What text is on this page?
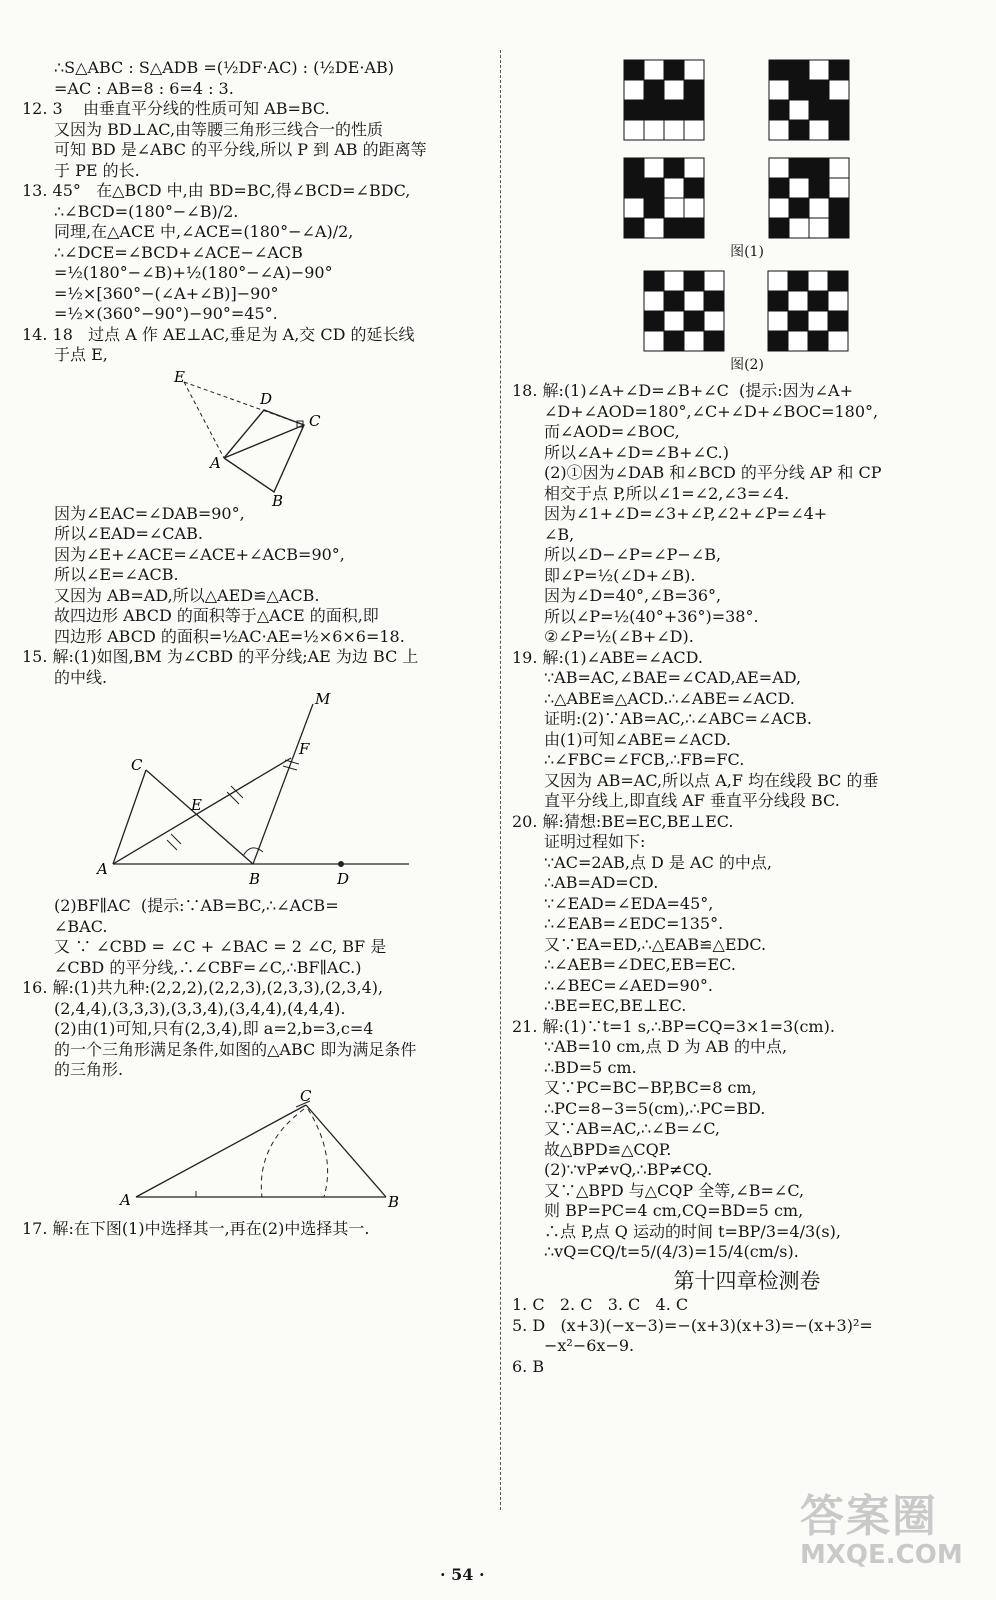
∴S△ABC : S△ADB =(½DF·AC) : (½DE·AB)
=AC : AB=8 : 6=4 : 3.
12. 3    由垂直平分线的性质可知 AB=BC.
又因为 BD⊥AC,由等腰三角形三线合一的性质
可知 BD 是∠ABC 的平分线,所以 P 到 AB 的距离等
于 PE 的长.
13. 45°   在△BCD 中,由 BD=BC,得∠BCD=∠BDC,
∴∠BCD=(180°−∠B)/2.
同理,在△ACE 中,∠ACE=(180°−∠A)/2,
∴∠DCE=∠BCD+∠ACE−∠ACB
=½(180°−∠B)+½(180°−∠A)−90°
=½×[360°−(∠A+∠B)]−90°
=½×(360°−90°)−90°=45°.
14. 18   过点 A 作 AE⊥AC,垂足为 A,交 CD 的延长线
于点 E,
E
D
C
A
B
因为∠EAC=∠DAB=90°,
所以∠EAD=∠CAB.
因为∠E+∠ACE=∠ACE+∠ACB=90°,
所以∠E=∠ACB.
又因为 AB=AD,所以△AED≌△ACB.
故四边形 ABCD 的面积等于△ACE 的面积,即
四边形 ABCD 的面积=½AC·AE=½×6×6=18.
15. 解:(1)如图,BM 为∠CBD 的平分线;AE 为边 BC 上
的中线.
M
F
C
E
A
B	D
(2)BF∥AC  (提示:∵AB=BC,∴∠ACB=
∠BAC.
又 ∵ ∠CBD = ∠C + ∠BAC = 2 ∠C, BF 是
∠CBD 的平分线,∴∠CBF=∠C,∴BF∥AC.)
16. 解:(1)共九种:(2,2,2),(2,2,3),(2,3,3),(2,3,4),
(2,4,4),(3,3,3),(3,3,4),(3,4,4),(4,4,4).
(2)由(1)可知,只有(2,3,4),即 a=2,b=3,c=4
的一个三角形满足条件,如图的△ABC 即为满足条件
的三角形.
C
A	B
17. 解:在下图(1)中选择其一,再在(2)中选择其一.
图(1)
图(2)
18. 解:(1)∠A+∠D=∠B+∠C  (提示:因为∠A+
∠D+∠AOD=180°,∠C+∠D+∠BOC=180°,
而∠AOD=∠BOC,
所以∠A+∠D=∠B+∠C.)
(2)①因为∠DAB 和∠BCD 的平分线 AP 和 CP
相交于点 P,所以∠1=∠2,∠3=∠4.
因为∠1+∠D=∠3+∠P,∠2+∠P=∠4+
∠B,
所以∠D−∠P=∠P−∠B,
即∠P=½(∠D+∠B).
因为∠D=40°,∠B=36°,
所以∠P=½(40°+36°)=38°.
②∠P=½(∠B+∠D).
19. 解:(1)∠ABE=∠ACD.
∵AB=AC,∠BAE=∠CAD,AE=AD,
∴△ABE≌△ACD.∴∠ABE=∠ACD.
证明:(2)∵AB=AC,∴∠ABC=∠ACB.
由(1)可知∠ABE=∠ACD.
∴∠FBC=∠FCB,∴FB=FC.
又因为 AB=AC,所以点 A,F 均在线段 BC 的垂
直平分线上,即直线 AF 垂直平分线段 BC.
20. 解:猜想:BE=EC,BE⊥EC.
证明过程如下:
∵AC=2AB,点 D 是 AC 的中点,
∴AB=AD=CD.
∵∠EAD=∠EDA=45°,
∴∠EAB=∠EDC=135°.
又∵EA=ED,∴△EAB≌△EDC.
∴∠AEB=∠DEC,EB=EC.
∴∠BEC=∠AED=90°.
∴BE=EC,BE⊥EC.
21. 解:(1)∵t=1 s,∴BP=CQ=3×1=3(cm).
∵AB=10 cm,点 D 为 AB 的中点,
∴BD=5 cm.
又∵PC=BC−BP,BC=8 cm,
∴PC=8−3=5(cm),∴PC=BD.
又∵AB=AC,∴∠B=∠C,
故△BPD≌△CQP.
(2)∵vP≠vQ,∴BP≠CQ.
又∵△BPD 与△CQP 全等,∠B=∠C,
则 BP=PC=4 cm,CQ=BD=5 cm,
∴点 P,点 Q 运动的时间 t=BP/3=4/3(s),
∴vQ=CQ/t=5/(4/3)=15/4(cm/s).
第十四章检测卷
1. C   2. C   3. C   4. C
5. D   (x+3)(−x−3)=−(x+3)(x+3)=−(x+3)²=
−x²−6x−9.
6. B
· 54 ·
答案圈
MXQE.COM
